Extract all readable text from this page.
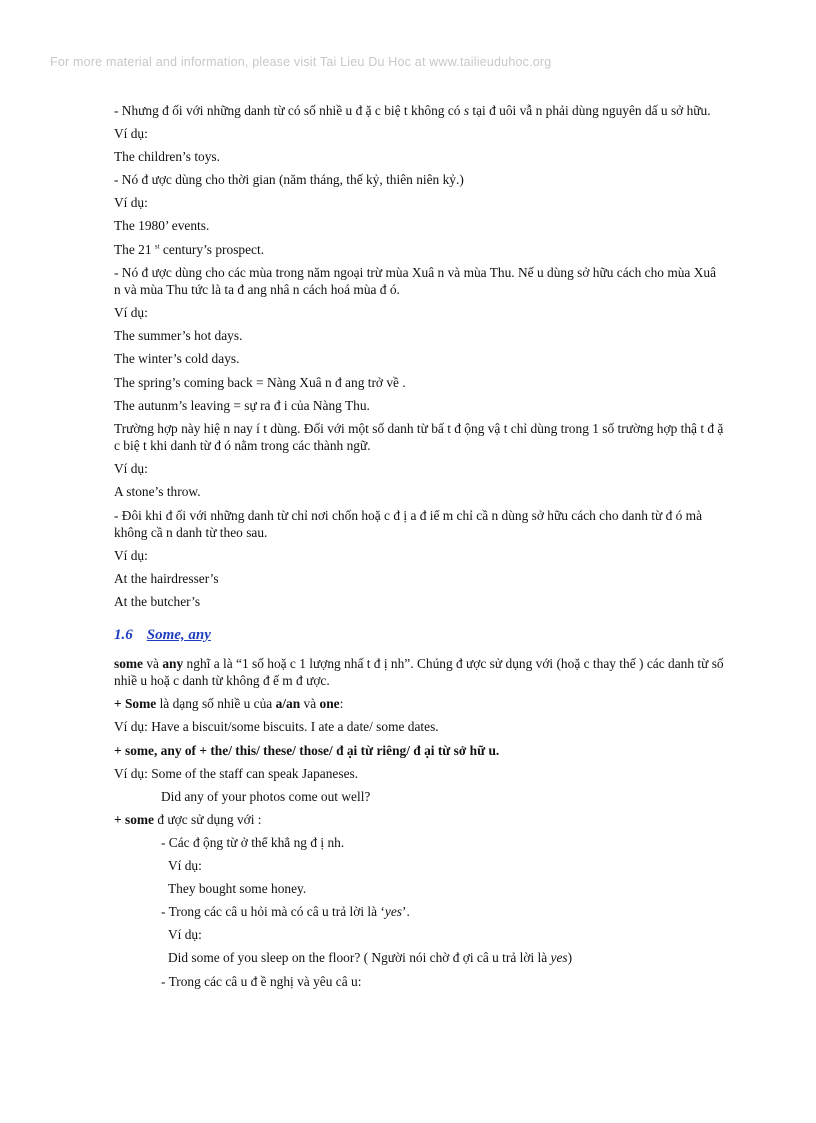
For more material and information, please visit Tai Lieu Du Hoc at www.tailieuduhoc.org

- Nhưng đ ối với những danh từ có số nhiề u đ ặ c biệ t không có s tại đ uôi vẫ n phải dùng nguyên dấ u sở hữu.

Ví dụ:

The children’s toys.

- Nó đ ược dùng cho thời gian (năm tháng, thế kỷ, thiên niên kỷ.)

Ví dụ:

The 1980’ events.

The 21 $^{st}$ century’s prospect.

- Nó đ ược dùng cho các mùa trong năm ngoại trừ mùa Xuâ n và mùa Thu. Nế u dùng sở hữu cách cho mùa Xuâ n và mùa Thu tức là ta đ ang nhâ n cách hoá mùa đ ó.

Ví dụ:

The summer’s hot days.

The winter’s cold days.

The spring’s coming back = Nàng Xuâ n đ ang trở về .

The autunm’s leaving = sự ra đ i của Nàng Thu.

Trường hợp này hiệ n nay í t dùng. Đối với một số danh từ bấ t đ ộng vậ t chỉ dùng trong 1 số trường hợp thậ t đ ặ c biệ t khi danh từ đ ó nằm trong các thành ngữ.

Ví dụ:

A stone’s throw.

- Đôi khi đ ối với những danh từ chỉ nơi chốn hoặ c đ ị a đ iể m chỉ cầ n dùng sở hữu cách cho danh từ đ ó mà không cầ n danh từ theo sau.

Ví dụ:

At the hairdresser’s

At the butcher’s

1.6 Some, any

some và any nghĩ a là “1 số hoặ c 1 lượng nhấ t đ ị nh”. Chúng đ ược sử dụng với (hoặ c thay thế ) các danh từ số nhiề u hoặ c danh từ không đ ế m đ ược.

+ Some là dạng số nhiề u của a/an và one:

Ví dụ: Have a biscuit/some biscuits. I ate a date/ some dates.

+ some, any of + the/ this/ these/ those/ đ ại từ riêng/ đ ại từ sở hữ u.

Ví dụ: Some of the staff can speak Japaneses.

Did any of your photos come out well?

+ some đ ược sử dụng với :

- Các đ ộng từ ở thể khẳ ng đ ị nh.

Ví dụ:

They bought some honey.

- Trong các câ u hỏi mà có câ u trả lời là ‘yes’.

Ví dụ:

Did some of you sleep on the floor? ( Người nói chờ đ ợi câ u trả lời là yes)

- Trong các câ u đ ề nghị và yêu câ u:
